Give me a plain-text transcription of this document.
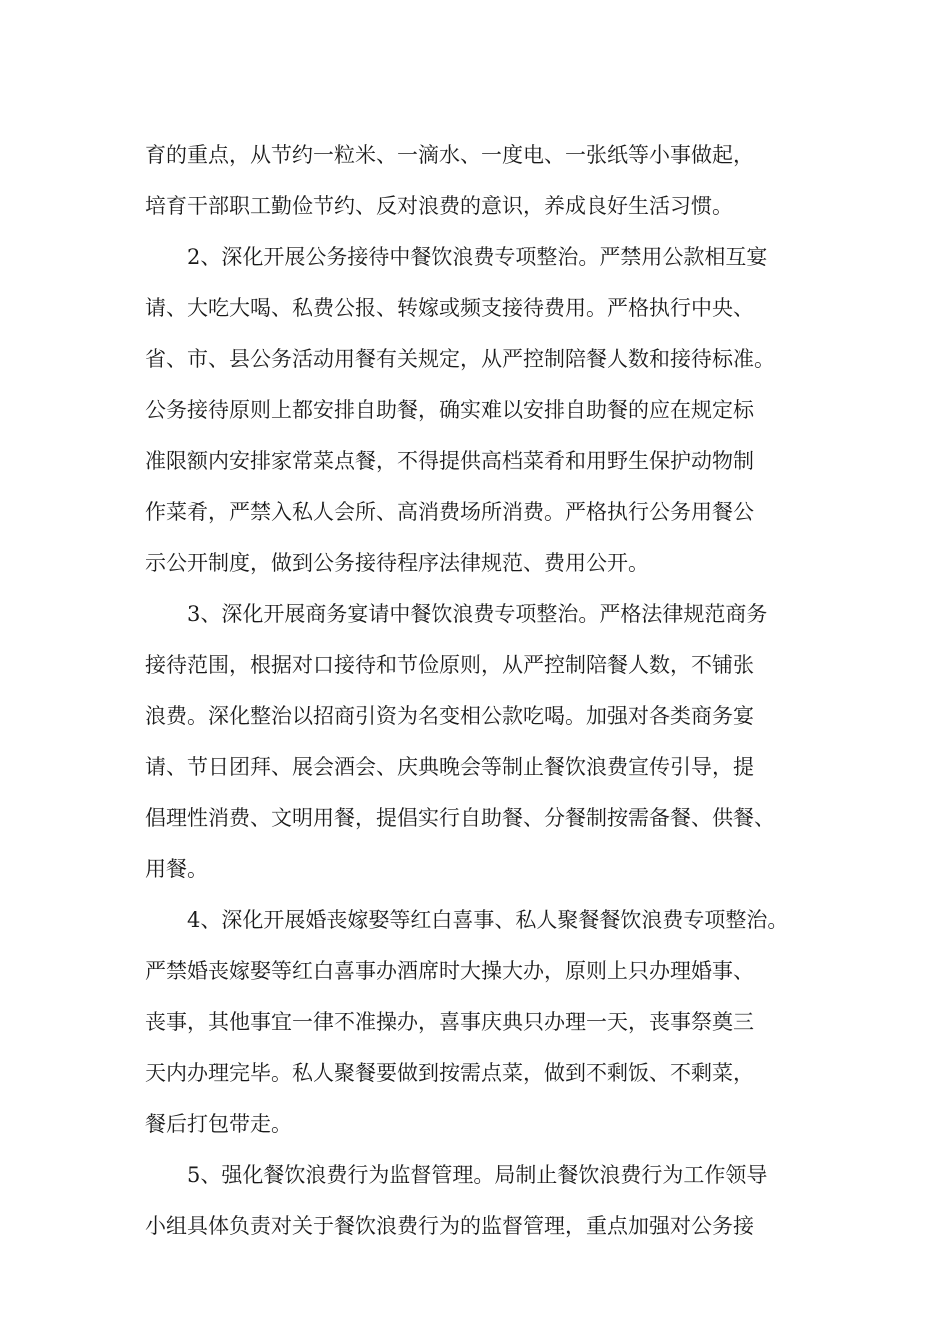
育的重点，从节约一粒米、一滴水、一度电、一张纸等小事做起，
培育干部职工勤俭节约、反对浪费的意识，养成良好生活习惯。
2、深化开展公务接待中餐饮浪费专项整治。严禁用公款相互宴
请、大吃大喝、私费公报、转嫁或频支接待费用。严格执行中央、
省、市、县公务活动用餐有关规定，从严控制陪餐人数和接待标准。
公务接待原则上都安排自助餐，确实难以安排自助餐的应在规定标
准限额内安排家常菜点餐，不得提供高档菜肴和用野生保护动物制
作菜肴，严禁入私人会所、高消费场所消费。严格执行公务用餐公
示公开制度，做到公务接待程序法律规范、费用公开。
3、深化开展商务宴请中餐饮浪费专项整治。严格法律规范商务
接待范围，根据对口接待和节俭原则，从严控制陪餐人数，不铺张
浪费。深化整治以招商引资为名变相公款吃喝。加强对各类商务宴
请、节日团拜、展会酒会、庆典晚会等制止餐饮浪费宣传引导，提
倡理性消费、文明用餐，提倡实行自助餐、分餐制按需备餐、供餐、
用餐。
4、深化开展婚丧嫁娶等红白喜事、私人聚餐餐饮浪费专项整治。
严禁婚丧嫁娶等红白喜事办酒席时大操大办，原则上只办理婚事、
丧事，其他事宜一律不准操办，喜事庆典只办理一天，丧事祭奠三
天内办理完毕。私人聚餐要做到按需点菜，做到不剩饭、不剩菜，
餐后打包带走。
5、强化餐饮浪费行为监督管理。局制止餐饮浪费行为工作领导
小组具体负责对关于餐饮浪费行为的监督管理，重点加强对公务接
